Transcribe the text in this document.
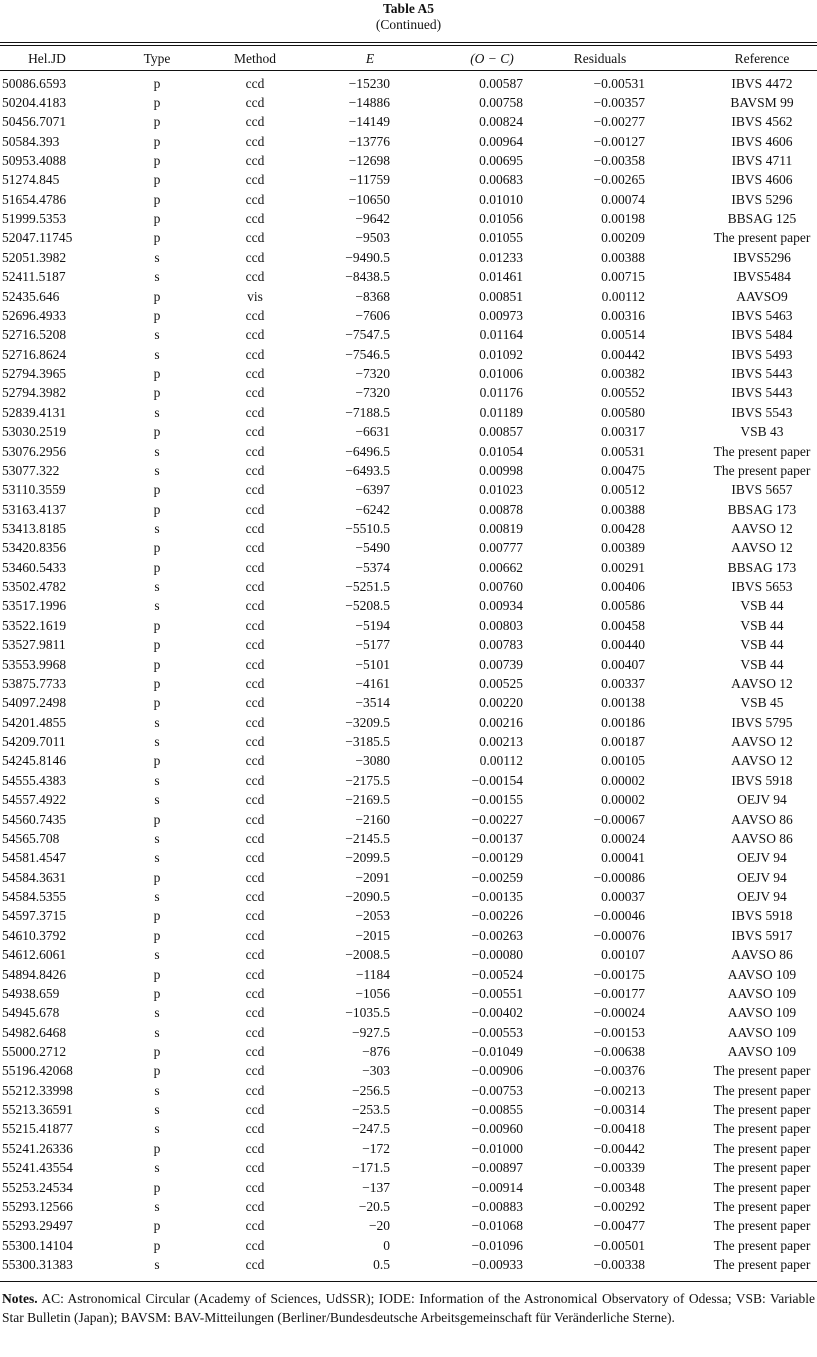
Table A5
(Continued)
Hel.JD	Type	Method	E	(O − C)	Residuals	Reference
50086.6593	p	ccd	−15230	0.00587	−0.00531	IBVS 4472
50204.4183	p	ccd	−14886	0.00758	−0.00357	BAVSM 99
50456.7071	p	ccd	−14149	0.00824	−0.00277	IBVS 4562
50584.393	p	ccd	−13776	0.00964	−0.00127	IBVS 4606
50953.4088	p	ccd	−12698	0.00695	−0.00358	IBVS 4711
51274.845	p	ccd	−11759	0.00683	−0.00265	IBVS 4606
51654.4786	p	ccd	−10650	0.01010	0.00074	IBVS 5296
51999.5353	p	ccd	−9642	0.01056	0.00198	BBSAG 125
52047.11745	p	ccd	−9503	0.01055	0.00209	The present paper
52051.3982	s	ccd	−9490.5	0.01233	0.00388	IBVS5296
52411.5187	s	ccd	−8438.5	0.01461	0.00715	IBVS5484
52435.646	p	vis	−8368	0.00851	0.00112	AAVSO9
52696.4933	p	ccd	−7606	0.00973	0.00316	IBVS 5463
52716.5208	s	ccd	−7547.5	0.01164	0.00514	IBVS 5484
52716.8624	s	ccd	−7546.5	0.01092	0.00442	IBVS 5493
52794.3965	p	ccd	−7320	0.01006	0.00382	IBVS 5443
52794.3982	p	ccd	−7320	0.01176	0.00552	IBVS 5443
52839.4131	s	ccd	−7188.5	0.01189	0.00580	IBVS 5543
53030.2519	p	ccd	−6631	0.00857	0.00317	VSB 43
53076.2956	s	ccd	−6496.5	0.01054	0.00531	The present paper
53077.322	s	ccd	−6493.5	0.00998	0.00475	The present paper
53110.3559	p	ccd	−6397	0.01023	0.00512	IBVS 5657
53163.4137	p	ccd	−6242	0.00878	0.00388	BBSAG 173
53413.8185	s	ccd	−5510.5	0.00819	0.00428	AAVSO 12
53420.8356	p	ccd	−5490	0.00777	0.00389	AAVSO 12
53460.5433	p	ccd	−5374	0.00662	0.00291	BBSAG 173
53502.4782	s	ccd	−5251.5	0.00760	0.00406	IBVS 5653
53517.1996	s	ccd	−5208.5	0.00934	0.00586	VSB 44
53522.1619	p	ccd	−5194	0.00803	0.00458	VSB 44
53527.9811	p	ccd	−5177	0.00783	0.00440	VSB 44
53553.9968	p	ccd	−5101	0.00739	0.00407	VSB 44
53875.7733	p	ccd	−4161	0.00525	0.00337	AAVSO 12
54097.2498	p	ccd	−3514	0.00220	0.00138	VSB 45
54201.4855	s	ccd	−3209.5	0.00216	0.00186	IBVS 5795
54209.7011	s	ccd	−3185.5	0.00213	0.00187	AAVSO 12
54245.8146	p	ccd	−3080	0.00112	0.00105	AAVSO 12
54555.4383	s	ccd	−2175.5	−0.00154	0.00002	IBVS 5918
54557.4922	s	ccd	−2169.5	−0.00155	0.00002	OEJV 94
54560.7435	p	ccd	−2160	−0.00227	−0.00067	AAVSO 86
54565.708	s	ccd	−2145.5	−0.00137	0.00024	AAVSO 86
54581.4547	s	ccd	−2099.5	−0.00129	0.00041	OEJV 94
54584.3631	p	ccd	−2091	−0.00259	−0.00086	OEJV 94
54584.5355	s	ccd	−2090.5	−0.00135	0.00037	OEJV 94
54597.3715	p	ccd	−2053	−0.00226	−0.00046	IBVS 5918
54610.3792	p	ccd	−2015	−0.00263	−0.00076	IBVS 5917
54612.6061	s	ccd	−2008.5	−0.00080	0.00107	AAVSO 86
54894.8426	p	ccd	−1184	−0.00524	−0.00175	AAVSO 109
54938.659	p	ccd	−1056	−0.00551	−0.00177	AAVSO 109
54945.678	s	ccd	−1035.5	−0.00402	−0.00024	AAVSO 109
54982.6468	s	ccd	−927.5	−0.00553	−0.00153	AAVSO 109
55000.2712	p	ccd	−876	−0.01049	−0.00638	AAVSO 109
55196.42068	p	ccd	−303	−0.00906	−0.00376	The present paper
55212.33998	s	ccd	−256.5	−0.00753	−0.00213	The present paper
55213.36591	s	ccd	−253.5	−0.00855	−0.00314	The present paper
55215.41877	s	ccd	−247.5	−0.00960	−0.00418	The present paper
55241.26336	p	ccd	−172	−0.01000	−0.00442	The present paper
55241.43554	s	ccd	−171.5	−0.00897	−0.00339	The present paper
55253.24534	p	ccd	−137	−0.00914	−0.00348	The present paper
55293.12566	s	ccd	−20.5	−0.00883	−0.00292	The present paper
55293.29497	p	ccd	−20	−0.01068	−0.00477	The present paper
55300.14104	p	ccd	0	−0.01096	−0.00501	The present paper
55300.31383	s	ccd	0.5	−0.00933	−0.00338	The present paper
Notes. AC: Astronomical Circular (Academy of Sciences, UdSSR); IODE: Information of the Astronomical Observatory of Odessa; VSB: Variable Star Bulletin (Japan); BAVSM: BAV-Mitteilungen (Berliner/Bundesdeutsche Arbeitsgemeinschaft für Veränderliche Sterne).
